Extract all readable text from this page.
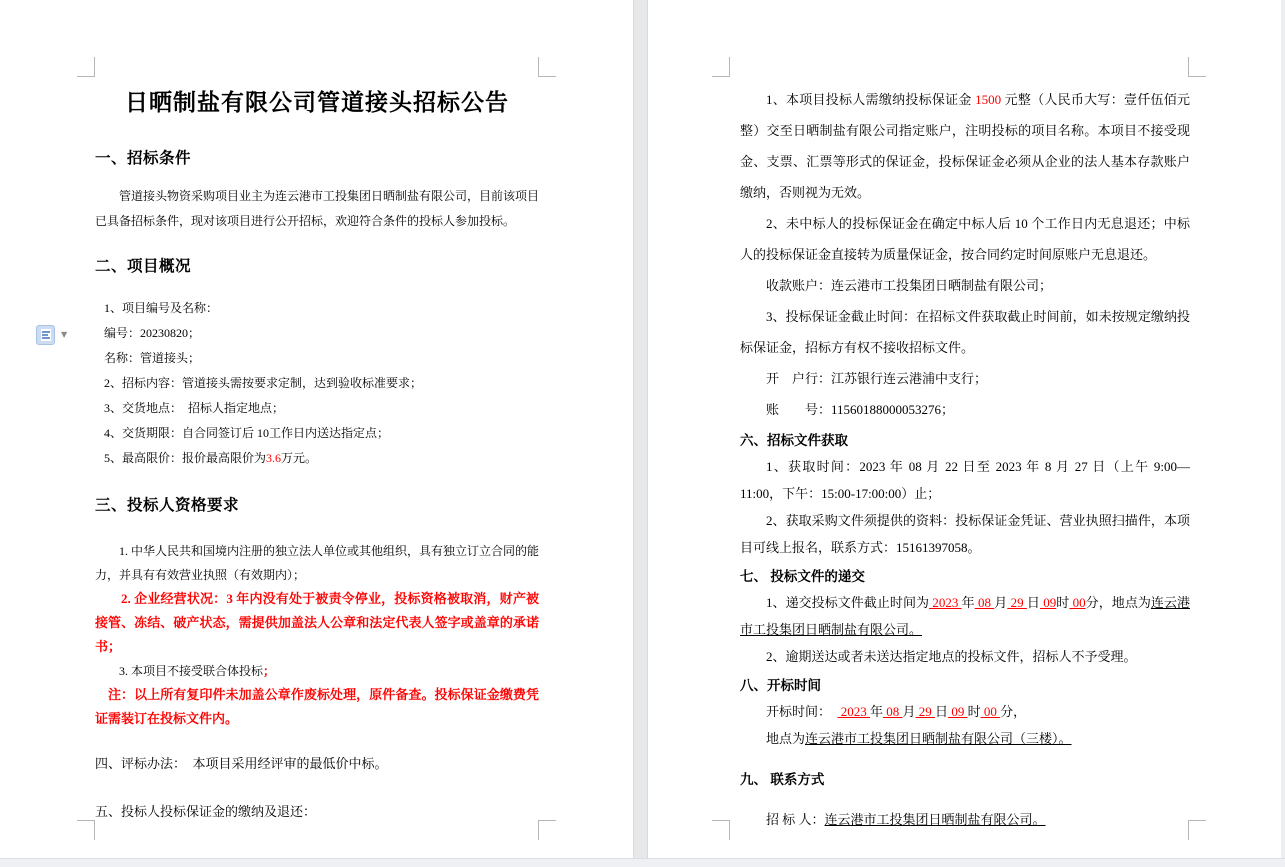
▼

日晒制盐有限公司管道接头招标公告

一、招标条件

管道接头物资采购项目业主为连云港市工投集团日晒制盐有限公司，目前该项目已具备招标条件，现对该项目进行公开招标，欢迎符合条件的投标人参加投标。

二、项目概况

1、项目编号及名称：

编号：20230820；

名称：管道接头；

2、招标内容：管道接头需按要求定制，达到验收标准要求；

3、交货地点：　招标人指定地点；

4、交货期限：自合同签订后 10工作日内送达指定点；

5、最高限价：报价最高限价为3.6万元。

三、投标人资格要求

1. 中华人民共和国境内注册的独立法人单位或其他组织，具有独立订立合同的能力，并具有有效营业执照（有效期内）；

2. 企业经营状况：3 年内没有处于被责令停业，投标资格被取消，财产被接管、冻结、破产状态，需提供加盖法人公章和法定代表人签字或盖章的承诺书；

3. 本项目不接受联合体投标；

注：以上所有复印件未加盖公章作废标处理，原件备查。投标保证金缴费凭证需装订在投标文件内。

四、评标办法：　本项目采用经评审的最低价中标。

五、投标人投标保证金的缴纳及退还：

1、本项目投标人需缴纳投标保证金 1500 元整（人民币大写：壹仟伍佰元整）交至日晒制盐有限公司指定账户，注明投标的项目名称。本项目不接受现金、支票、汇票等形式的保证金，投标保证金必须从企业的法人基本存款账户缴纳，否则视为无效。

2、未中标人的投标保证金在确定中标人后 10 个工作日内无息退还；中标人的投标保证金直接转为质量保证金，按合同约定时间原账户无息退还。

收款账户：连云港市工投集团日晒制盐有限公司；

3、投标保证金截止时间：在招标文件获取截止时间前，如未按规定缴纳投标保证金，招标方有权不接收招标文件。

开　户行：江苏银行连云港浦中支行；

账　　号：11560188000053276；

六、招标文件获取

1、获取时间：2023 年 08 月 22 日至 2023 年 8 月 27 日（上午 9:00—11:00，下午：15:00-17:00:00）止；

2、获取采购文件须提供的资料：投标保证金凭证、营业执照扫描件，本项目可线上报名，联系方式：15161397058。

七、 投标文件的递交

1、递交投标文件截止时间为 2023 年 08 月 29 日 09时 00分，地点为连云港市工投集团日晒制盐有限公司。

2、逾期送达或者未送达指定地点的投标文件，招标人不予受理。

八、开标时间

开标时间：　 2023 年 08 月 29 日 09 时 00 分，

地点为连云港市工投集团日晒制盐有限公司（三楼）。

九、 联系方式

招 标 人：连云港市工投集团日晒制盐有限公司。
